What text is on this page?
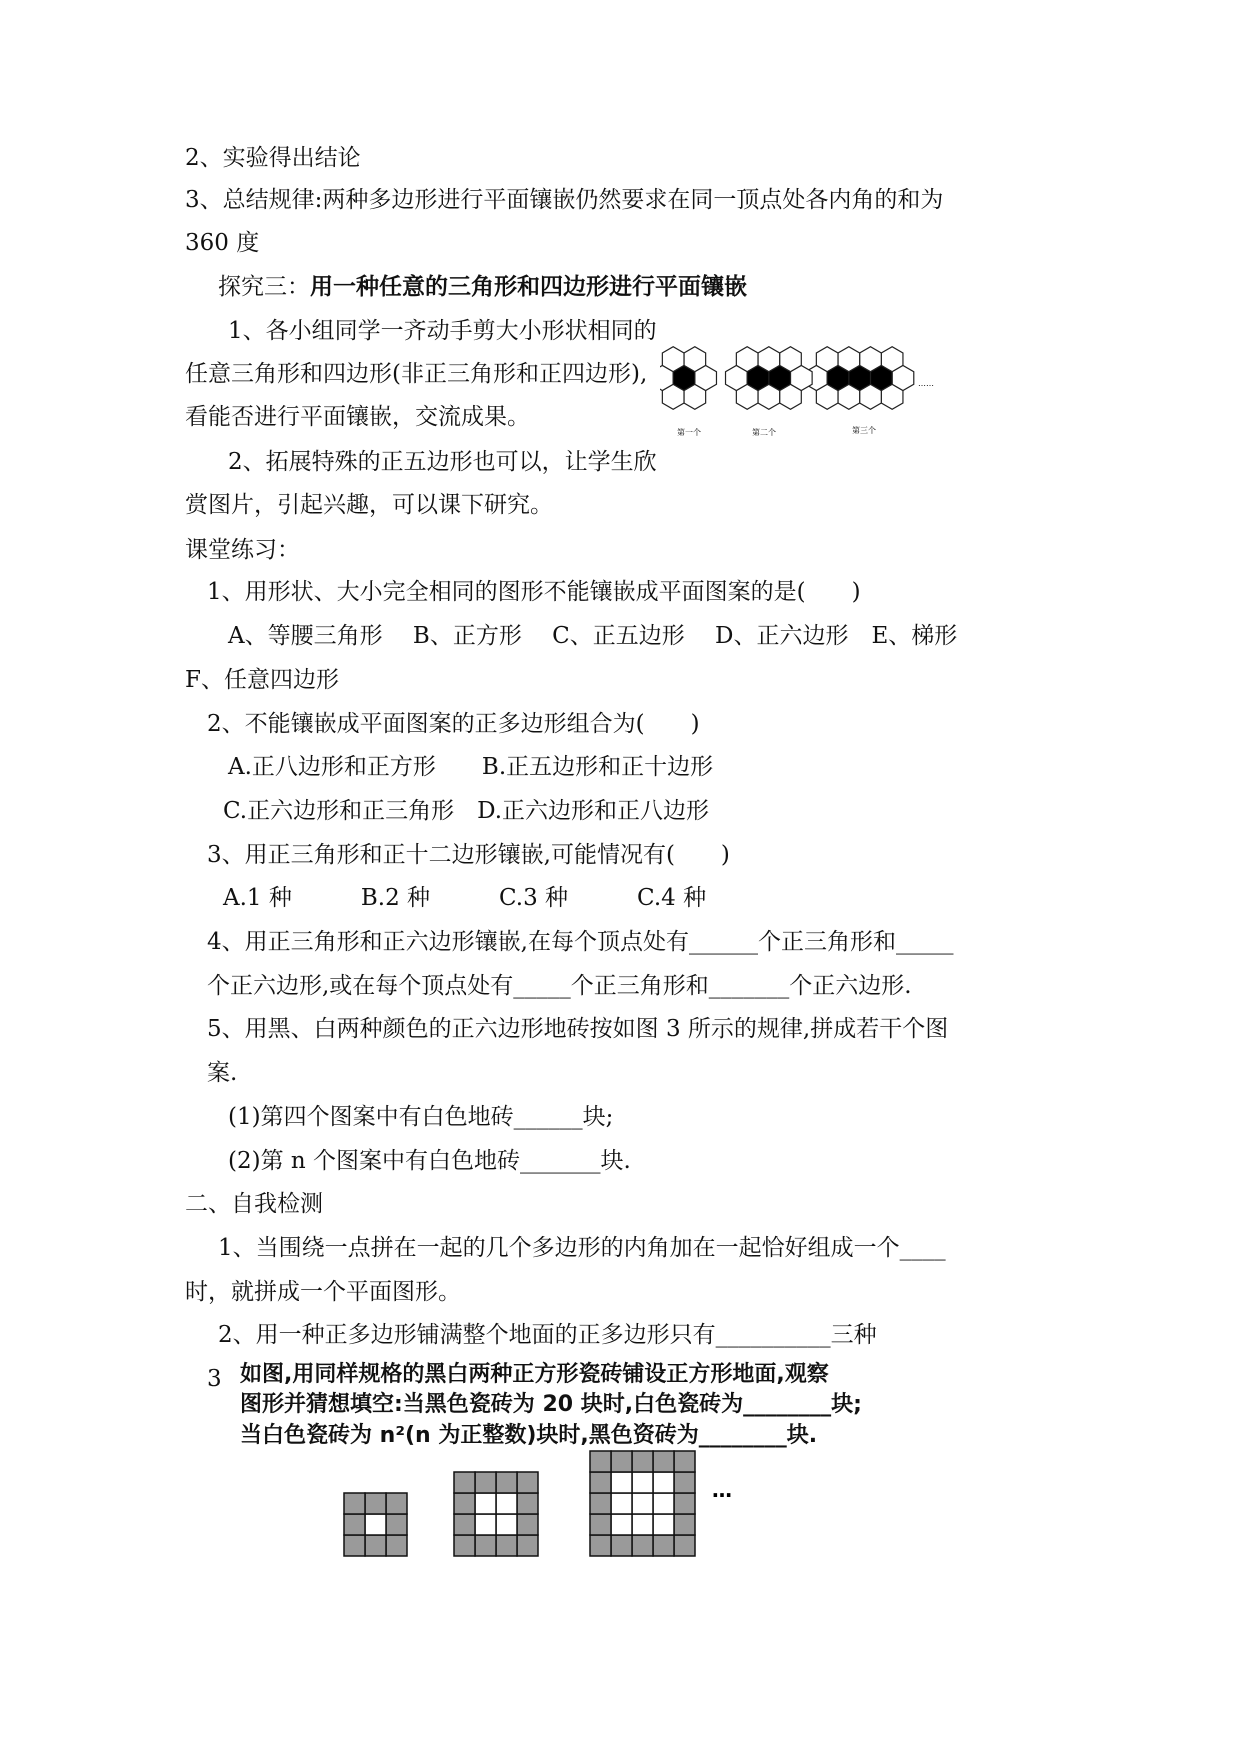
2、实验得出结论
3、总结规律:两种多边形进行平面镶嵌仍然要求在同一顶点处各内角的和为
360 度
探究三：用一种任意的三角形和四边形进行平面镶嵌
1、各小组同学一齐动手剪大小形状相同的
任意三角形和四边形(非正三角形和正四边形),
看能否进行平面镶嵌，交流成果。
2、拓展特殊的正五边形也可以，让学生欣
赏图片，引起兴趣，可以课下研究。
课堂练习：
1、用形状、大小完全相同的图形不能镶嵌成平面图案的是(　　)
A、等腰三角形　 B、正方形　 C、正五边形　 D、正六边形　E、梯形
F、任意四边形
2、不能镶嵌成平面图案的正多边形组合为(　　)
A.正八边形和正方形　　B.正五边形和正十边形
C.正六边形和正三角形　D.正六边形和正八边形
3、用正三角形和正十二边形镶嵌,可能情况有(　　)
A.1 种　　　B.2 种　　　C.3 种　　　C.4 种
4、用正三角形和正六边形镶嵌,在每个顶点处有______个正三角形和_____
个正六边形,或在每个顶点处有_____个正三角形和_______个正六边形.
5、用黑、白两种颜色的正六边形地砖按如图 3 所示的规律,拼成若干个图
案.
(1)第四个图案中有白色地砖______块;
(2)第 n 个图案中有白色地砖_______块.
二、自我检测
1、当围绕一点拼在一起的几个多边形的内角加在一起恰好组成一个____
时，就拼成一个平面图形。
2、用一种正多边形铺满整个地面的正多边形只有__________三种
3 如图,用同样规格的黑白两种正方形瓷砖铺设正方形地面,观察
图形并猜想填空:当黑色瓷砖为 20 块时,白色瓷砖为________块;
当白色瓷砖为 n²(n 为正整数)块时,黑色资砖为________块.
第一个	第二个	第三个
……
…
